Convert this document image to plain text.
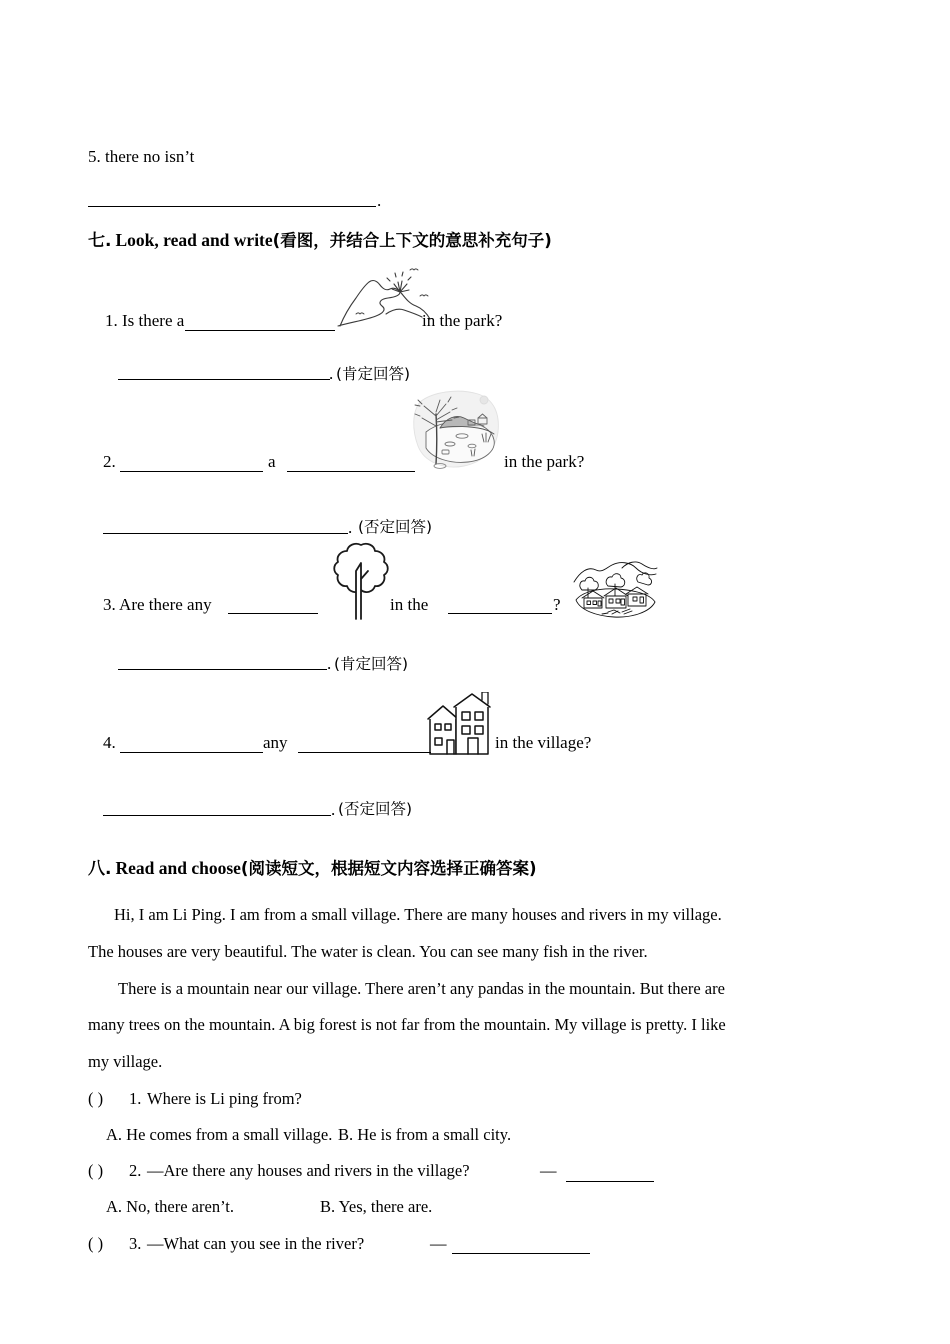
5. there no isn’t
.
七. Look, read and write(看图，并结合上下文的意思补充句子)
1. Is there a	in the park?
. (肯定回答)
2.	a	in the park?
. (否定回答)
3. Are there any	in the	?
. (肯定回答)
4.	any	in the village?
. (否定回答)
八. Read and choose(阅读短文，根据短文内容选择正确答案)
Hi, I am Li Ping. I am from a small village. There are many houses and rivers in my village.
The houses are very beautiful. The water is clean. You can see many fish in the river.
There is a mountain near our village. There aren’t any pandas in the mountain. But there are
many trees on the mountain. A big forest is not far from the mountain. My village is pretty. I like
my village.
( ) 1. Where is Li ping from?
A. He comes from a small village. B. He is from a small city.
( ) 2. —Are there any houses and rivers in the village?	—
A. No, there aren’t.	B. Yes, there are.
( ) 3. —What can you see in the river?	—
